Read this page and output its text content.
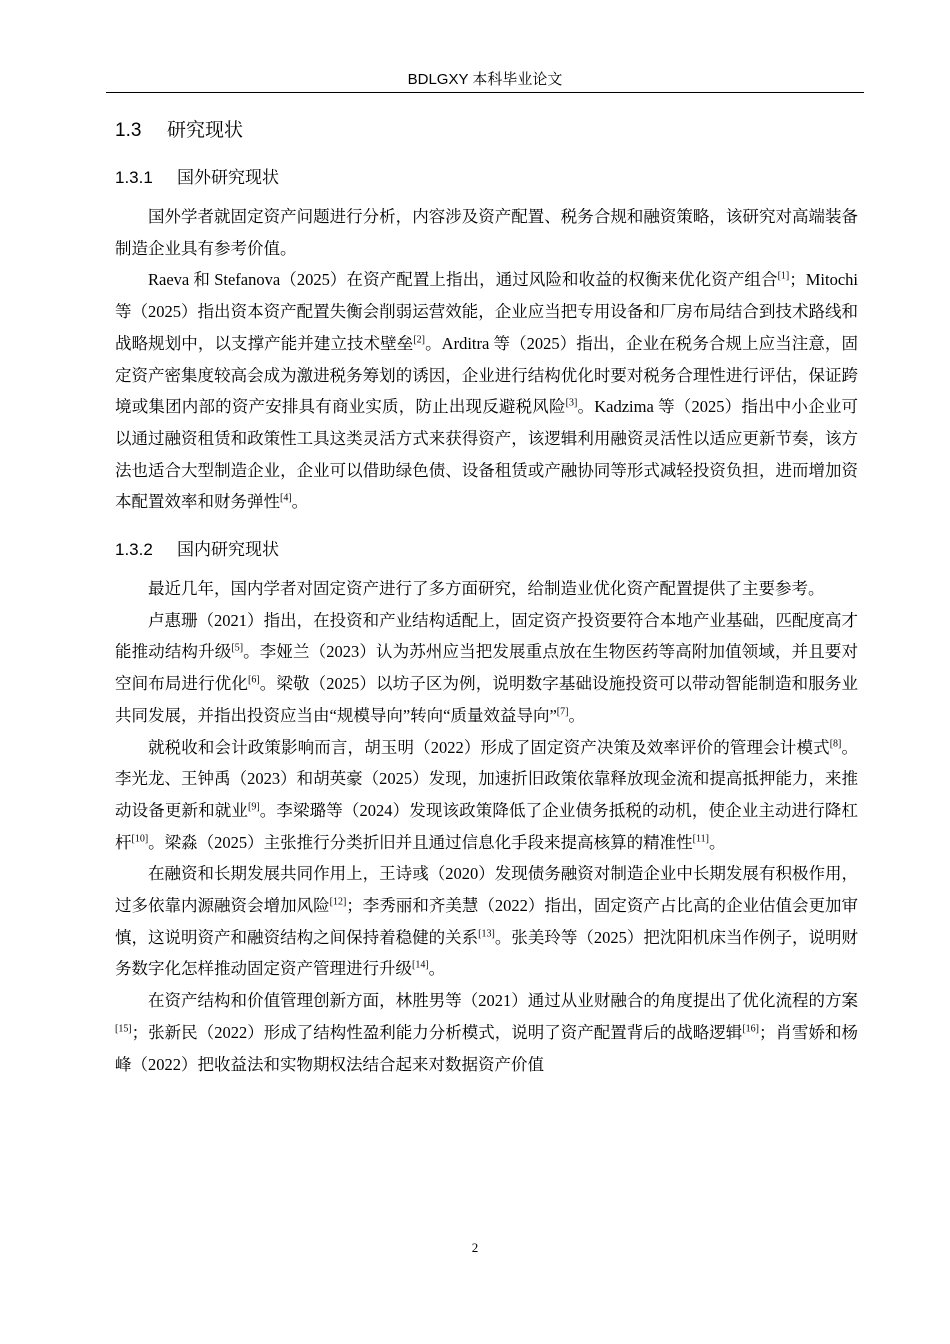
BDLGXY 本科毕业论文
1.3 研究现状
1.3.1 国外研究现状

国外学者就固定资产问题进行分析，内容涉及资产配置、税务合规和融资策略，该研究对高端装备制造企业具有参考价值。

Raeva 和 Stefanova（2025）在资产配置上指出，通过风险和收益的权衡来优化资产组合[1]；Mitochi 等（2025）指出资本资产配置失衡会削弱运营效能，企业应当把专用设备和厂房布局结合到技术路线和战略规划中，以支撑产能并建立技术壁垒[2]。Arditra 等（2025）指出，企业在税务合规上应当注意，固定资产密集度较高会成为激进税务筹划的诱因，企业进行结构优化时要对税务合理性进行评估，保证跨境或集团内部的资产安排具有商业实质，防止出现反避税风险[3]。Kadzima 等（2025）指出中小企业可以通过融资租赁和政策性工具这类灵活方式来获得资产，该逻辑利用融资灵活性以适应更新节奏，该方法也适合大型制造企业，企业可以借助绿色债、设备租赁或产融协同等形式减轻投资负担，进而增加资本配置效率和财务弹性[4]。

1.3.2 国内研究现状

最近几年，国内学者对固定资产进行了多方面研究，给制造业优化资产配置提供了主要参考。

卢惠珊（2021）指出，在投资和产业结构适配上，固定资产投资要符合本地产业基础，匹配度高才能推动结构升级[5]。李娅兰（2023）认为苏州应当把发展重点放在生物医药等高附加值领域，并且要对空间布局进行优化[6]。梁敬（2025）以坊子区为例，说明数字基础设施投资可以带动智能制造和服务业共同发展，并指出投资应当由“规模导向”转向“质量效益导向”[7]。

就税收和会计政策影响而言，胡玉明（2022）形成了固定资产决策及效率评价的管理会计模式[8]。李光龙、王钟禹（2023）和胡英豪（2025）发现，加速折旧政策依靠释放现金流和提高抵押能力，来推动设备更新和就业[9]。李梁璐等（2024）发现该政策降低了企业债务抵税的动机，使企业主动进行降杠杆[10]。梁淼（2025）主张推行分类折旧并且通过信息化手段来提高核算的精准性[11]。

在融资和长期发展共同作用上，王诗彧（2020）发现债务融资对制造企业中长期发展有积极作用，过多依靠内源融资会增加风险[12]；李秀丽和齐美慧（2022）指出，固定资产占比高的企业估值会更加审慎，这说明资产和融资结构之间保持着稳健的关系[13]。张美玲等（2025）把沈阳机床当作例子，说明财务数字化怎样推动固定资产管理进行升级[14]。

在资产结构和价值管理创新方面，林胜男等（2021）通过从业财融合的角度提出了优化流程的方案[15]；张新民（2022）形成了结构性盈利能力分析模式，说明了资产配置背后的战略逻辑[16]；肖雪娇和杨峰（2022）把收益法和实物期权法结合起来对数据资产价值

2
